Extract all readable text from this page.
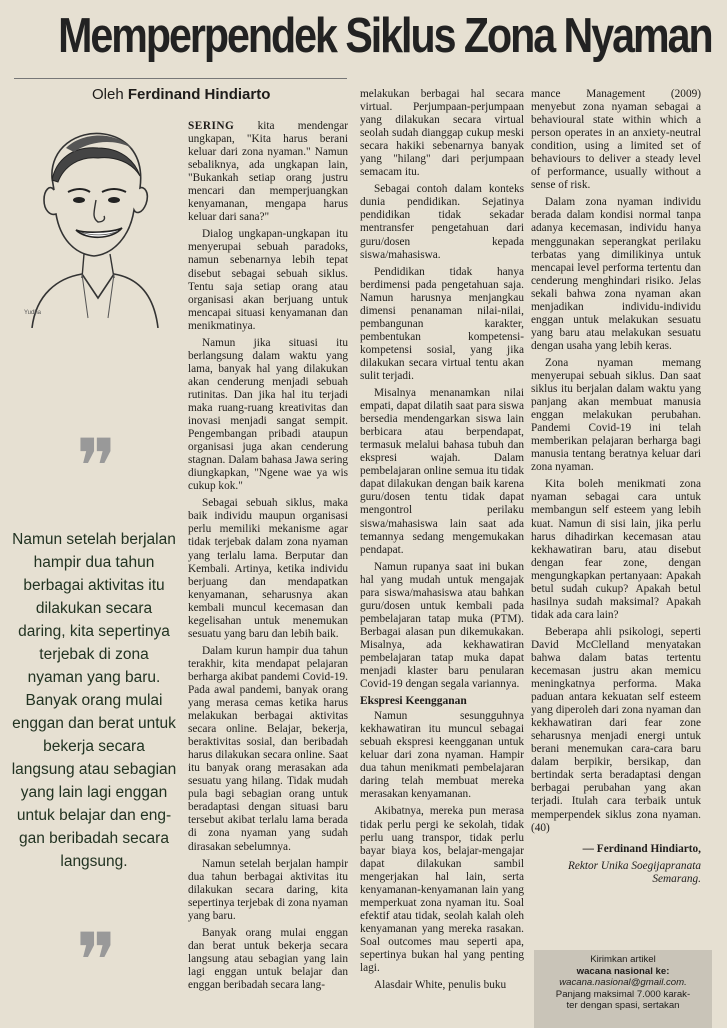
Memperpendek Siklus Zona Nyaman
Oleh Ferdinand Hindiarto
Yudha
❞

Namun setelah berjalan

hampir dua tahun

berbagai aktivitas itu

dilakukan secara

daring, kita sepertinya

terjebak di zona

nyaman yang baru.

Banyak orang mulai

enggan dan berat untuk

bekerja secara

langsung atau sebagian

yang lain lagi enggan

untuk belajar dan eng-

gan beribadah secara

langsung.

❞

SERING kita mendengar ungkapan, "Kita harus berani keluar dari zona nyaman." Namun sebaliknya, ada ungkapan lain, "Bukankah setiap orang justru mencari dan memperjuangkan kenyamanan, mengapa harus keluar dari sana?"

Dialog ungkapan-ungkapan itu menyerupai sebuah paradoks, namun sebenarnya lebih tepat disebut sebagai sebuah siklus. Tentu saja setiap orang atau organisasi akan berjuang untuk mencapai situasi kenyamanan dan menikmatinya.

Namun jika situasi itu berlangsung dalam waktu yang lama, banyak hal yang dilakukan akan cenderung menjadi sebuah rutinitas. Dan jika hal itu terjadi maka ruang-ruang kreativitas dan inovasi menjadi sangat sempit. Pengembangan pribadi ataupun organisasi juga akan cenderung stagnan. Dalam bahasa Jawa sering diungkapkan, "Ngene wae ya wis cukup kok."

Sebagai sebuah siklus, maka baik individu maupun organisasi perlu memiliki mekanisme agar tidak terjebak dalam zona nyaman yang terlalu lama. Berputar dan Kembali. Artinya, ketika individu berjuang dan mendapatkan kenyamanan, seharusnya akan kembali muncul kecemasan dan kegelisahan untuk menemukan sesuatu yang baru dan lebih baik.

Dalam kurun hampir dua tahun terakhir, kita mendapat pelajaran berharga akibat pandemi Covid-19. Pada awal pandemi, banyak orang yang merasa cemas ketika harus melakukan berbagai aktivitas secara online. Belajar, bekerja, beraktivitas sosial, dan beribadah harus dilakukan secara online. Saat itu banyak orang merasakan ada sesuatu yang hilang. Tidak mudah pula bagi sebagian orang untuk beradaptasi dengan situasi baru tersebut akibat terlalu lama berada di zona nyaman yang sudah dirasakan sebelumnya.

Namun setelah berjalan hampir dua tahun berbagai aktivitas itu dilakukan secara daring, kita sepertinya terjebak di zona nyaman yang baru.

Banyak orang mulai enggan dan berat untuk bekerja secara langsung atau sebagian yang lain lagi enggan untuk belajar dan enggan beribadah secara lang-

melakukan berbagai hal secara virtual. Perjumpaan-perjumpaan yang dilakukan secara virtual seolah sudah dianggap cukup meski secara hakiki sebenarnya banyak yang "hilang" dari perjumpaan semacam itu.

Sebagai contoh dalam konteks dunia pendidikan. Sejatinya pendidikan tidak sekadar mentransfer pengetahuan dari guru/dosen kepada siswa/mahasiswa.

Pendidikan tidak hanya berdimensi pada pengetahuan saja. Namun harusnya menjangkau dimensi penanaman nilai-nilai, pembangunan karakter, pembentukan kompetensi-kompetensi sosial, yang jika dilakukan secara virtual tentu akan sulit terjadi.

Misalnya menanamkan nilai empati, dapat dilatih saat para siswa bersedia mendengarkan siswa lain berbicara atau berpendapat, termasuk melalui bahasa tubuh dan ekspresi wajah. Dalam pembelajaran online semua itu tidak dapat dilakukan dengan baik karena guru/dosen tentu tidak dapat mengontrol perilaku siswa/mahasiswa lain saat ada temannya sedang mengemukakan pendapat.

Namun rupanya saat ini bukan hal yang mudah untuk mengajak para siswa/mahasiswa atau bahkan guru/dosen untuk kembali pada pembelajaran tatap muka (PTM). Berbagai alasan pun dikemukakan. Misalnya, ada kekhawatiran pembelajaran tatap muka dapat menjadi klaster baru penularan Covid-19 dengan segala variannya.

Ekspresi Keengganan

Namun sesungguhnya kekhawatiran itu muncul sebagai sebuah ekspresi keengganan untuk keluar dari zona nyaman. Hampir dua tahun menikmati pembelajaran daring telah membuat mereka merasakan kenyamanan.

Akibatnya, mereka pun merasa tidak perlu pergi ke sekolah, tidak perlu uang transpor, tidak perlu bayar biaya kos, belajar-mengajar dapat dilakukan sambil mengerjakan hal lain, serta kenyamanan-kenyamanan lain yang memperkuat zona nyaman itu. Soal efektif atau tidak, seolah kalah oleh kenyamanan yang mereka rasakan. Soal outcomes mau seperti apa, sepertinya bukan hal yang penting lagi.

Alasdair White, penulis buku

mance Management (2009) menyebut zona nyaman sebagai a behavioural state within which a person operates in an anxiety-neutral condition, using a limited set of behaviours to deliver a steady level of performance, usually without a sense of risk.

Dalam zona nyaman individu berada dalam kondisi normal tanpa adanya kecemasan, individu hanya menggunakan seperangkat perilaku terbatas yang dimilikinya untuk mencapai level performa tertentu dan cenderung menghindari risiko. Jelas sekali bahwa zona nyaman akan menjadikan individu-individu enggan untuk melakukan sesuatu yang baru atau melakukan sesuatu dengan usaha yang lebih keras.

Zona nyaman memang menyerupai sebuah siklus. Dan saat siklus itu berjalan dalam waktu yang panjang akan membuat manusia enggan melakukan perubahan. Pandemi Covid-19 ini telah memberikan pelajaran berharga bagi manusia tentang beratnya keluar dari zona nyaman.

Kita boleh menikmati zona nyaman sebagai cara untuk membangun self esteem yang lebih kuat. Namun di sisi lain, jika perlu harus dihadirkan kecemasan atau kekhawatiran baru, atau disebut dengan fear zone, dengan mengungkapkan pertanyaan: Apakah betul sudah cukup? Apakah betul hasilnya sudah maksimal? Apakah tidak ada cara lain?

Beberapa ahli psikologi, seperti David McClelland menyatakan bahwa dalam batas tertentu kecemasan justru akan memicu meningkatnya performa. Maka paduan antara kekuatan self esteem yang diperoleh dari zona nyaman dan kekhawatiran dari fear zone seharusnya menjadi energi untuk berani menemukan cara-cara baru dalam berpikir, bersikap, dan bertindak serta beradaptasi dengan berbagai perubahan yang akan terjadi. Itulah cara terbaik untuk memperpendek siklus zona nyaman. (40)

— Ferdinand Hindiarto,

Rektor Unika Soegijapranata Semarang.

Kirimkan artikel
wacana nasional ke:
wacana.nasional@gmail.com.
Panjang maksimal 7.000 karak-
ter dengan spasi, sertakan
